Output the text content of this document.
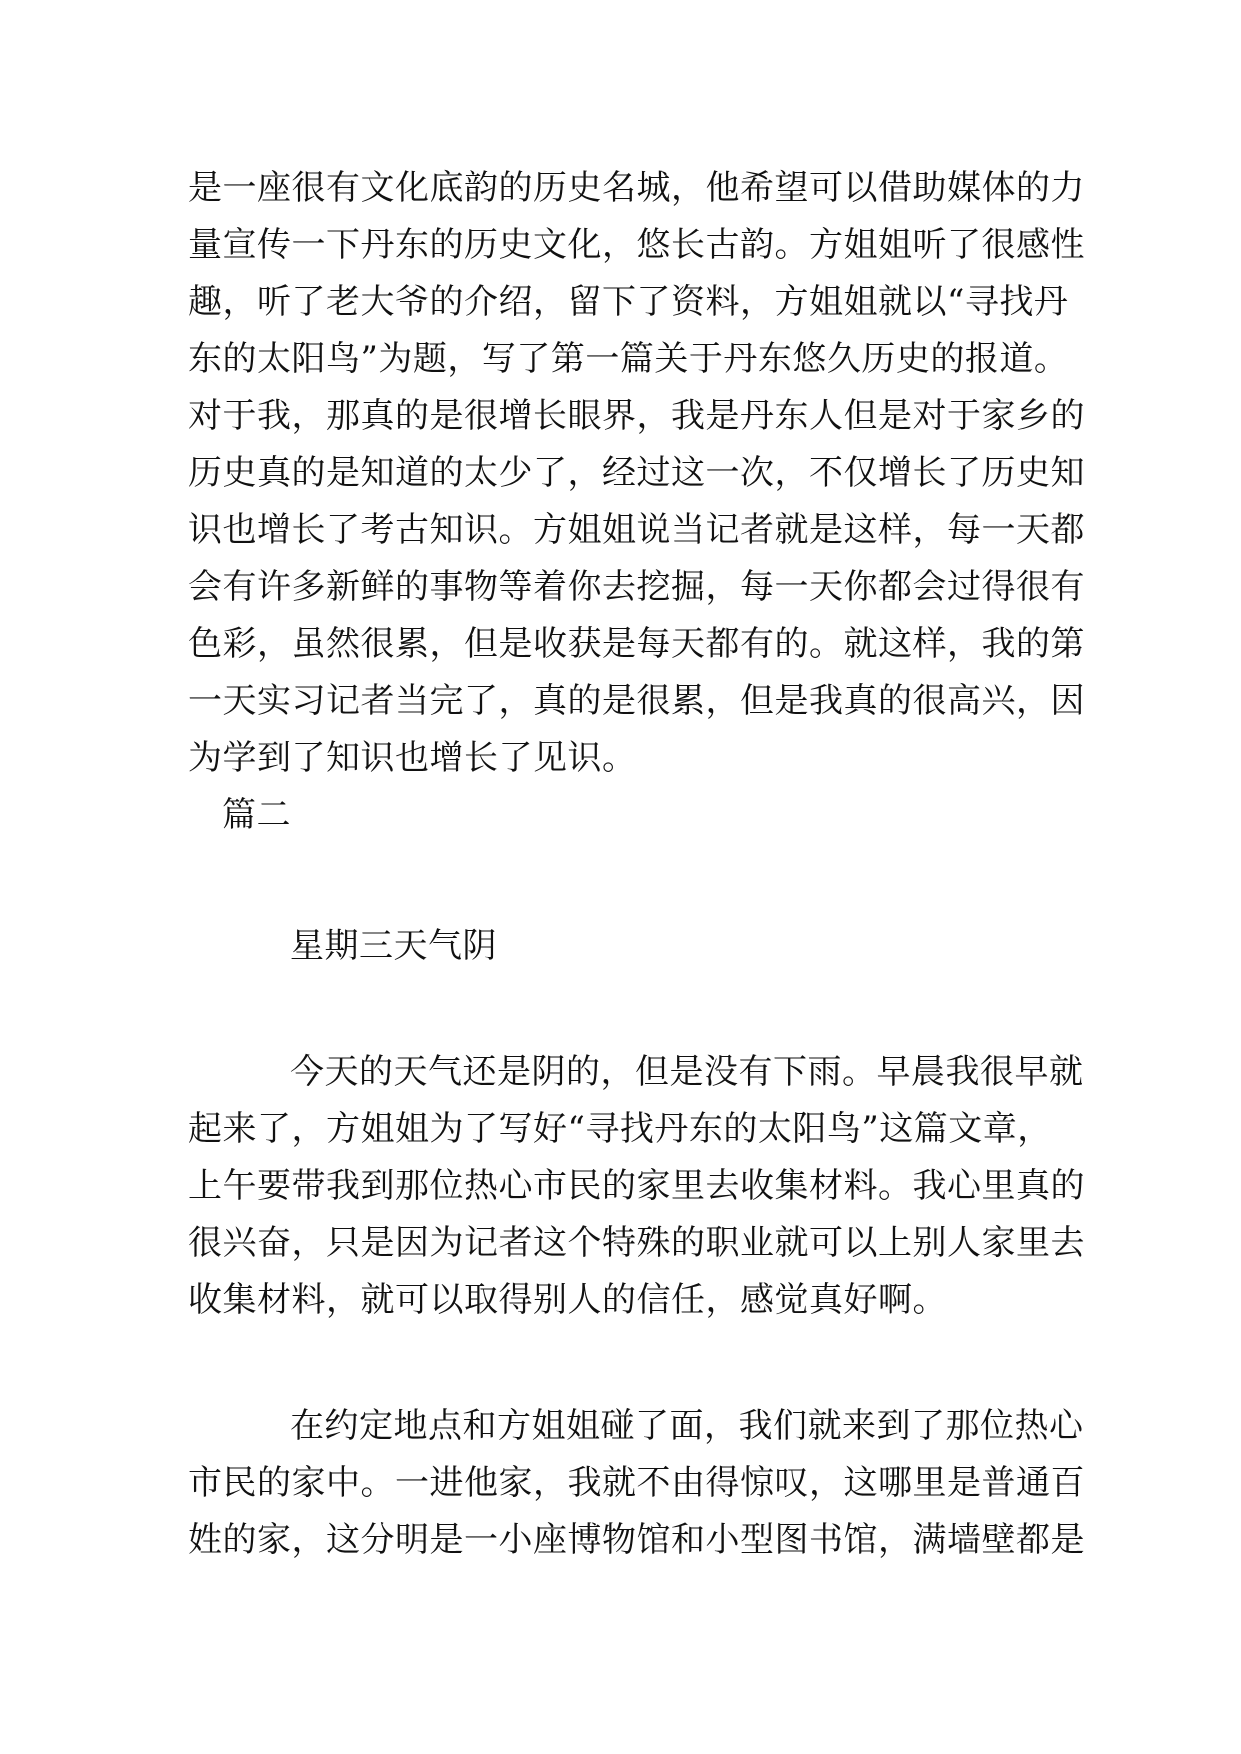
是一座很有文化底韵的历史名城，他希望可以借助媒体的力
量宣传一下丹东的历史文化，悠长古韵。方姐姐听了很感性
趣，听了老大爷的介绍，留下了资料，方姐姐就以“寻找丹
东的太阳鸟”为题，写了第一篇关于丹东悠久历史的报道。
对于我，那真的是很增长眼界，我是丹东人但是对于家乡的
历史真的是知道的太少了，经过这一次，不仅增长了历史知
识也增长了考古知识。方姐姐说当记者就是这样，每一天都
会有许多新鲜的事物等着你去挖掘，每一天你都会过得很有
色彩，虽然很累，但是收获是每天都有的。就这样，我的第
一天实习记者当完了，真的是很累，但是我真的很高兴，因
为学到了知识也增长了见识。
篇二
星期三天气阴
今天的天气还是阴的，但是没有下雨。早晨我很早就
起来了，方姐姐为了写好“寻找丹东的太阳鸟”这篇文章，
上午要带我到那位热心市民的家里去收集材料。我心里真的
很兴奋，只是因为记者这个特殊的职业就可以上别人家里去
收集材料，就可以取得别人的信任，感觉真好啊。
在约定地点和方姐姐碰了面，我们就来到了那位热心
市民的家中。一进他家，我就不由得惊叹，这哪里是普通百
姓的家，这分明是一小座博物馆和小型图书馆，满墙壁都是
